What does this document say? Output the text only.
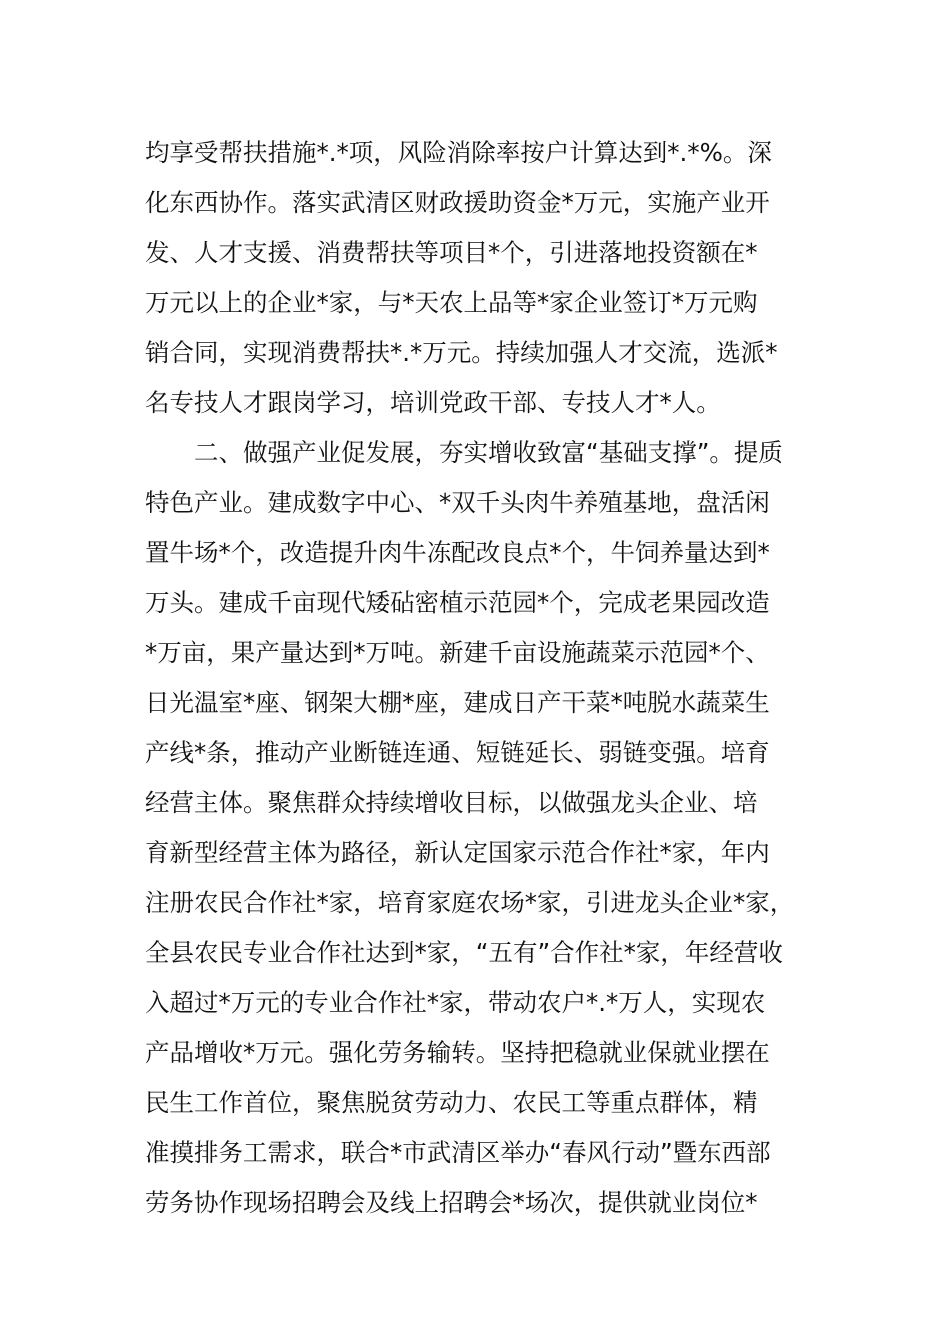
均享受帮扶措施*.*项，风险消除率按户计算达到*.*%。深
化东西协作。落实武清区财政援助资金*万元，实施产业开
发、人才支援、消费帮扶等项目*个，引进落地投资额在*
万元以上的企业*家，与*天农上品等*家企业签订*万元购
销合同，实现消费帮扶*.*万元。持续加强人才交流，选派*
名专技人才跟岗学习，培训党政干部、专技人才*人。
二、做强产业促发展，夯实增收致富“基础支撑”。提质
特色产业。建成数字中心、*双千头肉牛养殖基地，盘活闲
置牛场*个，改造提升肉牛冻配改良点*个，牛饲养量达到*
万头。建成千亩现代矮砧密植示范园*个，完成老果园改造
*万亩，果产量达到*万吨。新建千亩设施蔬菜示范园*个、
日光温室*座、钢架大棚*座，建成日产干菜*吨脱水蔬菜生
产线*条，推动产业断链连通、短链延长、弱链变强。培育
经营主体。聚焦群众持续增收目标，以做强龙头企业、培
育新型经营主体为路径，新认定国家示范合作社*家，年内
注册农民合作社*家，培育家庭农场*家，引进龙头企业*家，
全县农民专业合作社达到*家，“五有”合作社*家，年经营收
入超过*万元的专业合作社*家，带动农户*.*万人，实现农
产品增收*万元。强化劳务输转。坚持把稳就业保就业摆在
民生工作首位，聚焦脱贫劳动力、农民工等重点群体，精
准摸排务工需求，联合*市武清区举办“春风行动”暨东西部
劳务协作现场招聘会及线上招聘会*场次，提供就业岗位*
